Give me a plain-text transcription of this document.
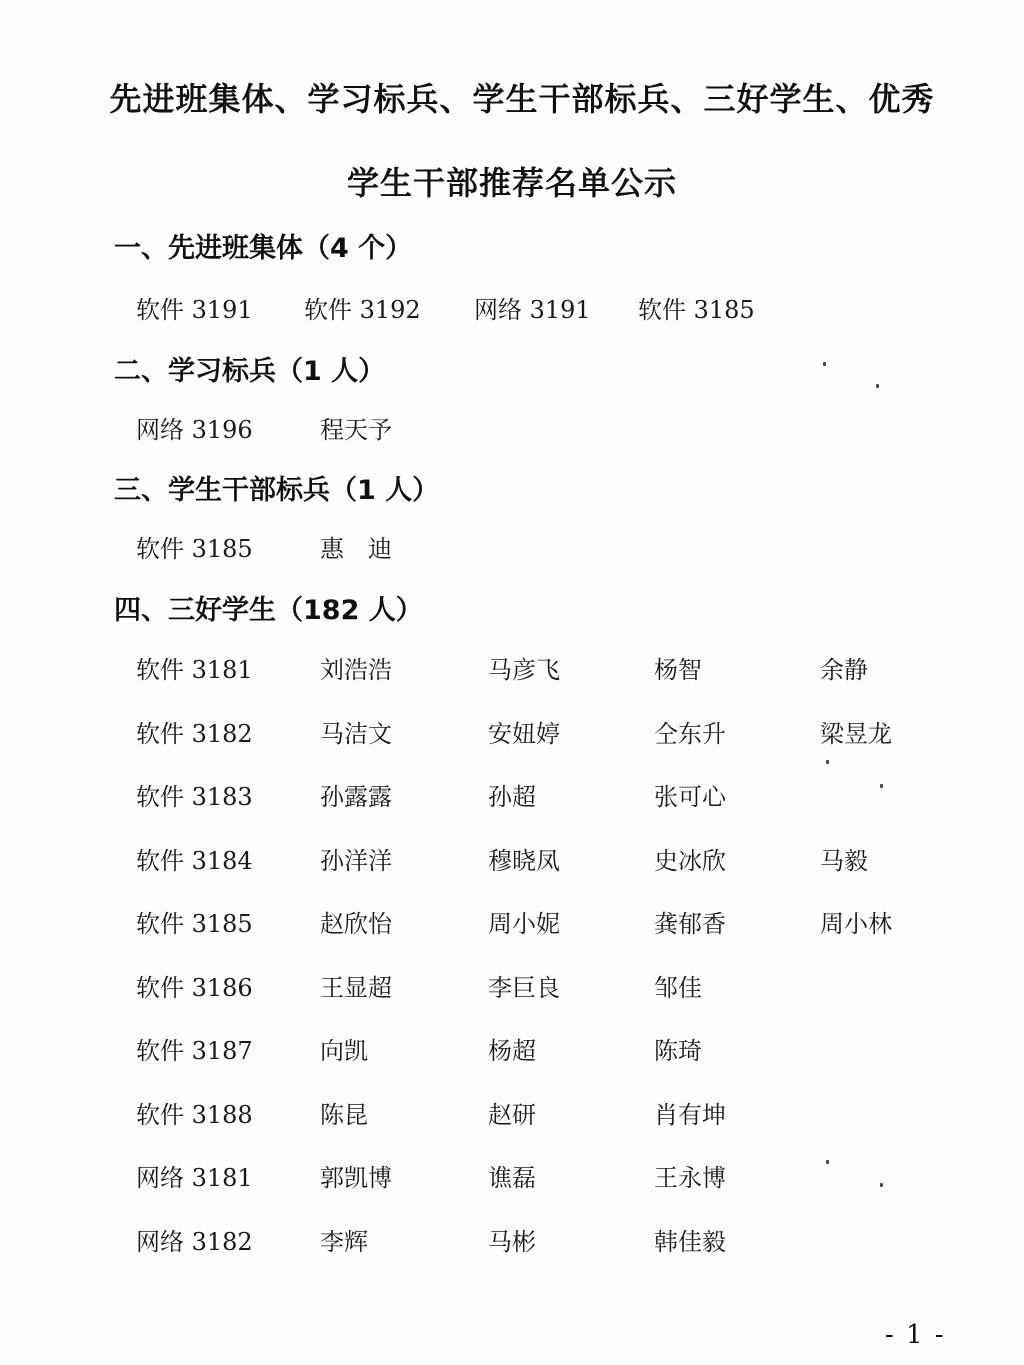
先进班集体、学习标兵、学生干部标兵、三好学生、优秀
学生干部推荐名单公示
一、先进班集体（4 个）
软件 3191 软件 3192 网络 3191 软件 3185
二、学习标兵（1 人）
网络 3196	程天予
三、学生干部标兵（1 人）
软件 3185	惠　迪
四、三好学生（182 人）
软件 3181	刘浩浩	马彦飞	杨智	余静
软件 3182	马洁文	安妞婷	仝东升	梁昱龙
软件 3183	孙露露	孙超	张可心
软件 3184	孙洋洋	穆晓凤	史冰欣	马毅
软件 3185	赵欣怡	周小妮	龚郁香	周小林
软件 3186	王显超	李巨良	邹佳
软件 3187	向凯	杨超	陈琦
软件 3188	陈昆	赵研	肖有坤
网络 3181	郭凯博	谯磊	王永博
网络 3182	李辉	马彬	韩佳毅
- 1 -
